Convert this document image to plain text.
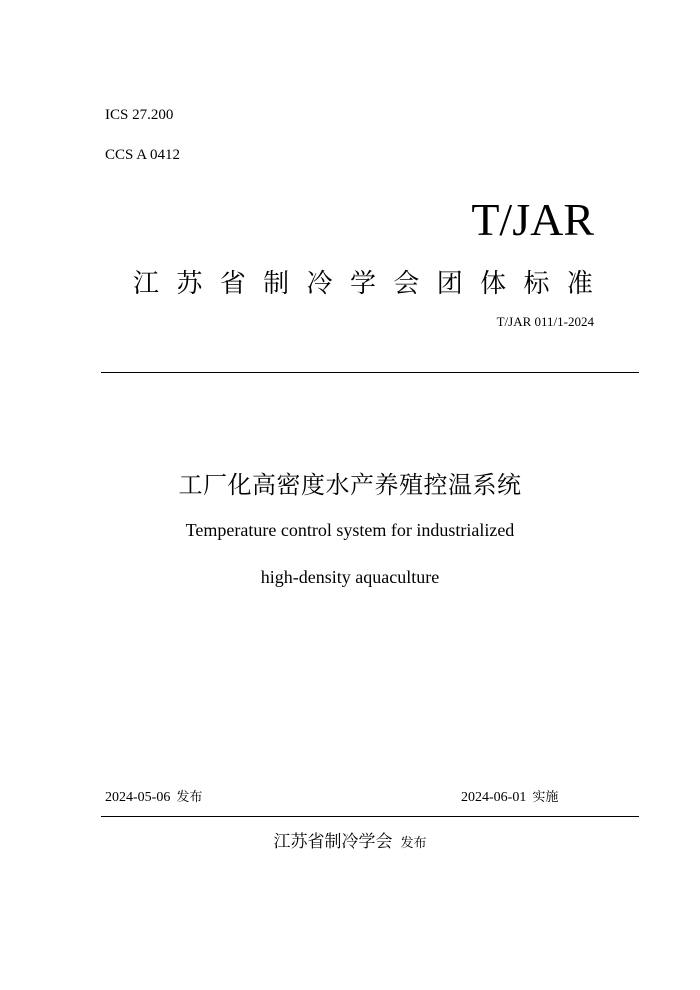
ICS 27.200
CCS A 0412
T/JAR
江 苏 省 制 冷 学 会 团 体 标 准
T/JAR 011/1-2024
工厂化高密度水产养殖控温系统
Temperature control system for industrialized
high-density aquaculture
2024-05-06 发布	2024-06-01 实施
江苏省制冷学会 发布
